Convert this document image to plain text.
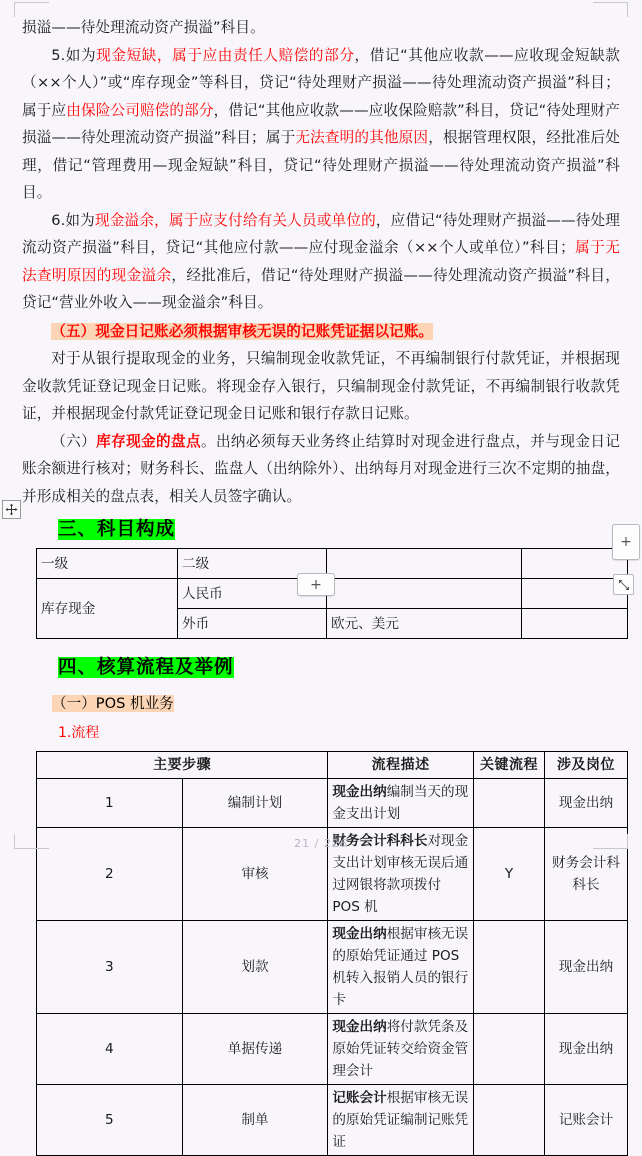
损溢——待处理流动资产损溢”科目。

5.如为现金短缺，属于应由责任人赔偿的部分，借记“其他应收款——应收现金短缺款（××个人）”或“库存现金”等科目，贷记“待处理财产损溢——待处理流动资产损溢”科目；属于应由保险公司赔偿的部分，借记“其他应收款——应收保险赔款”科目，贷记“待处理财产损溢——待处理流动资产损溢”科目；属于无法查明的其他原因，根据管理权限，经批准后处理，借记“管理费用—现金短缺”科目，贷记“待处理财产损溢——待处理流动资产损溢”科目。

6.如为现金溢余，属于应支付给有关人员或单位的，应借记“待处理财产损溢——待处理流动资产损溢”科目，贷记“其他应付款——应付现金溢余（××个人或单位）”科目；属于无法查明原因的现金溢余，经批准后，借记“待处理财产损溢——待处理流动资产损溢”科目，贷记“营业外收入——现金溢余”科目。

（五）现金日记账必须根据审核无误的记账凭证据以记账。

对于从银行提取现金的业务，只编制现金收款凭证，不再编制银行付款凭证，并根据现金收款凭证登记现金日记账。将现金存入银行，只编制现金付款凭证，不再编制银行收款凭证，并根据现金付款凭证登记现金日记账和银行存款日记账。

（六）库存现金的盘点。出纳必须每天业务终止结算时对现金进行盘点，并与现金日记账余额进行核对；财务科长、监盘人（出纳除外）、出纳每月对现金进行三次不定期的抽盘，并形成相关的盘点表，相关人员签字确认。

三、科目构成

一级	二级		
库存现金	人民币		
	外币	欧元、美元	
+
+

四、核算流程及举例

（一）POS 机业务

1.流程

主要步骤		流程描述	关键流程	涉及岗位
1	编制计划	现金出纳编制当天的现金支出计划		现金出纳
2	审核	财务会计科科长对现金支出计划审核无误后通过网银将款项拨付 POS 机	Y	财务会计科科长
3	划款	现金出纳根据审核无误的原始凭证通过 POS 机转入报销人员的银行卡		现金出纳
4	单据传递	现金出纳将付款凭条及原始凭证转交给资金管理会计		现金出纳
5	制单	记账会计根据审核无误的原始凭证编制记账凭证		记账会计
21 / 226
